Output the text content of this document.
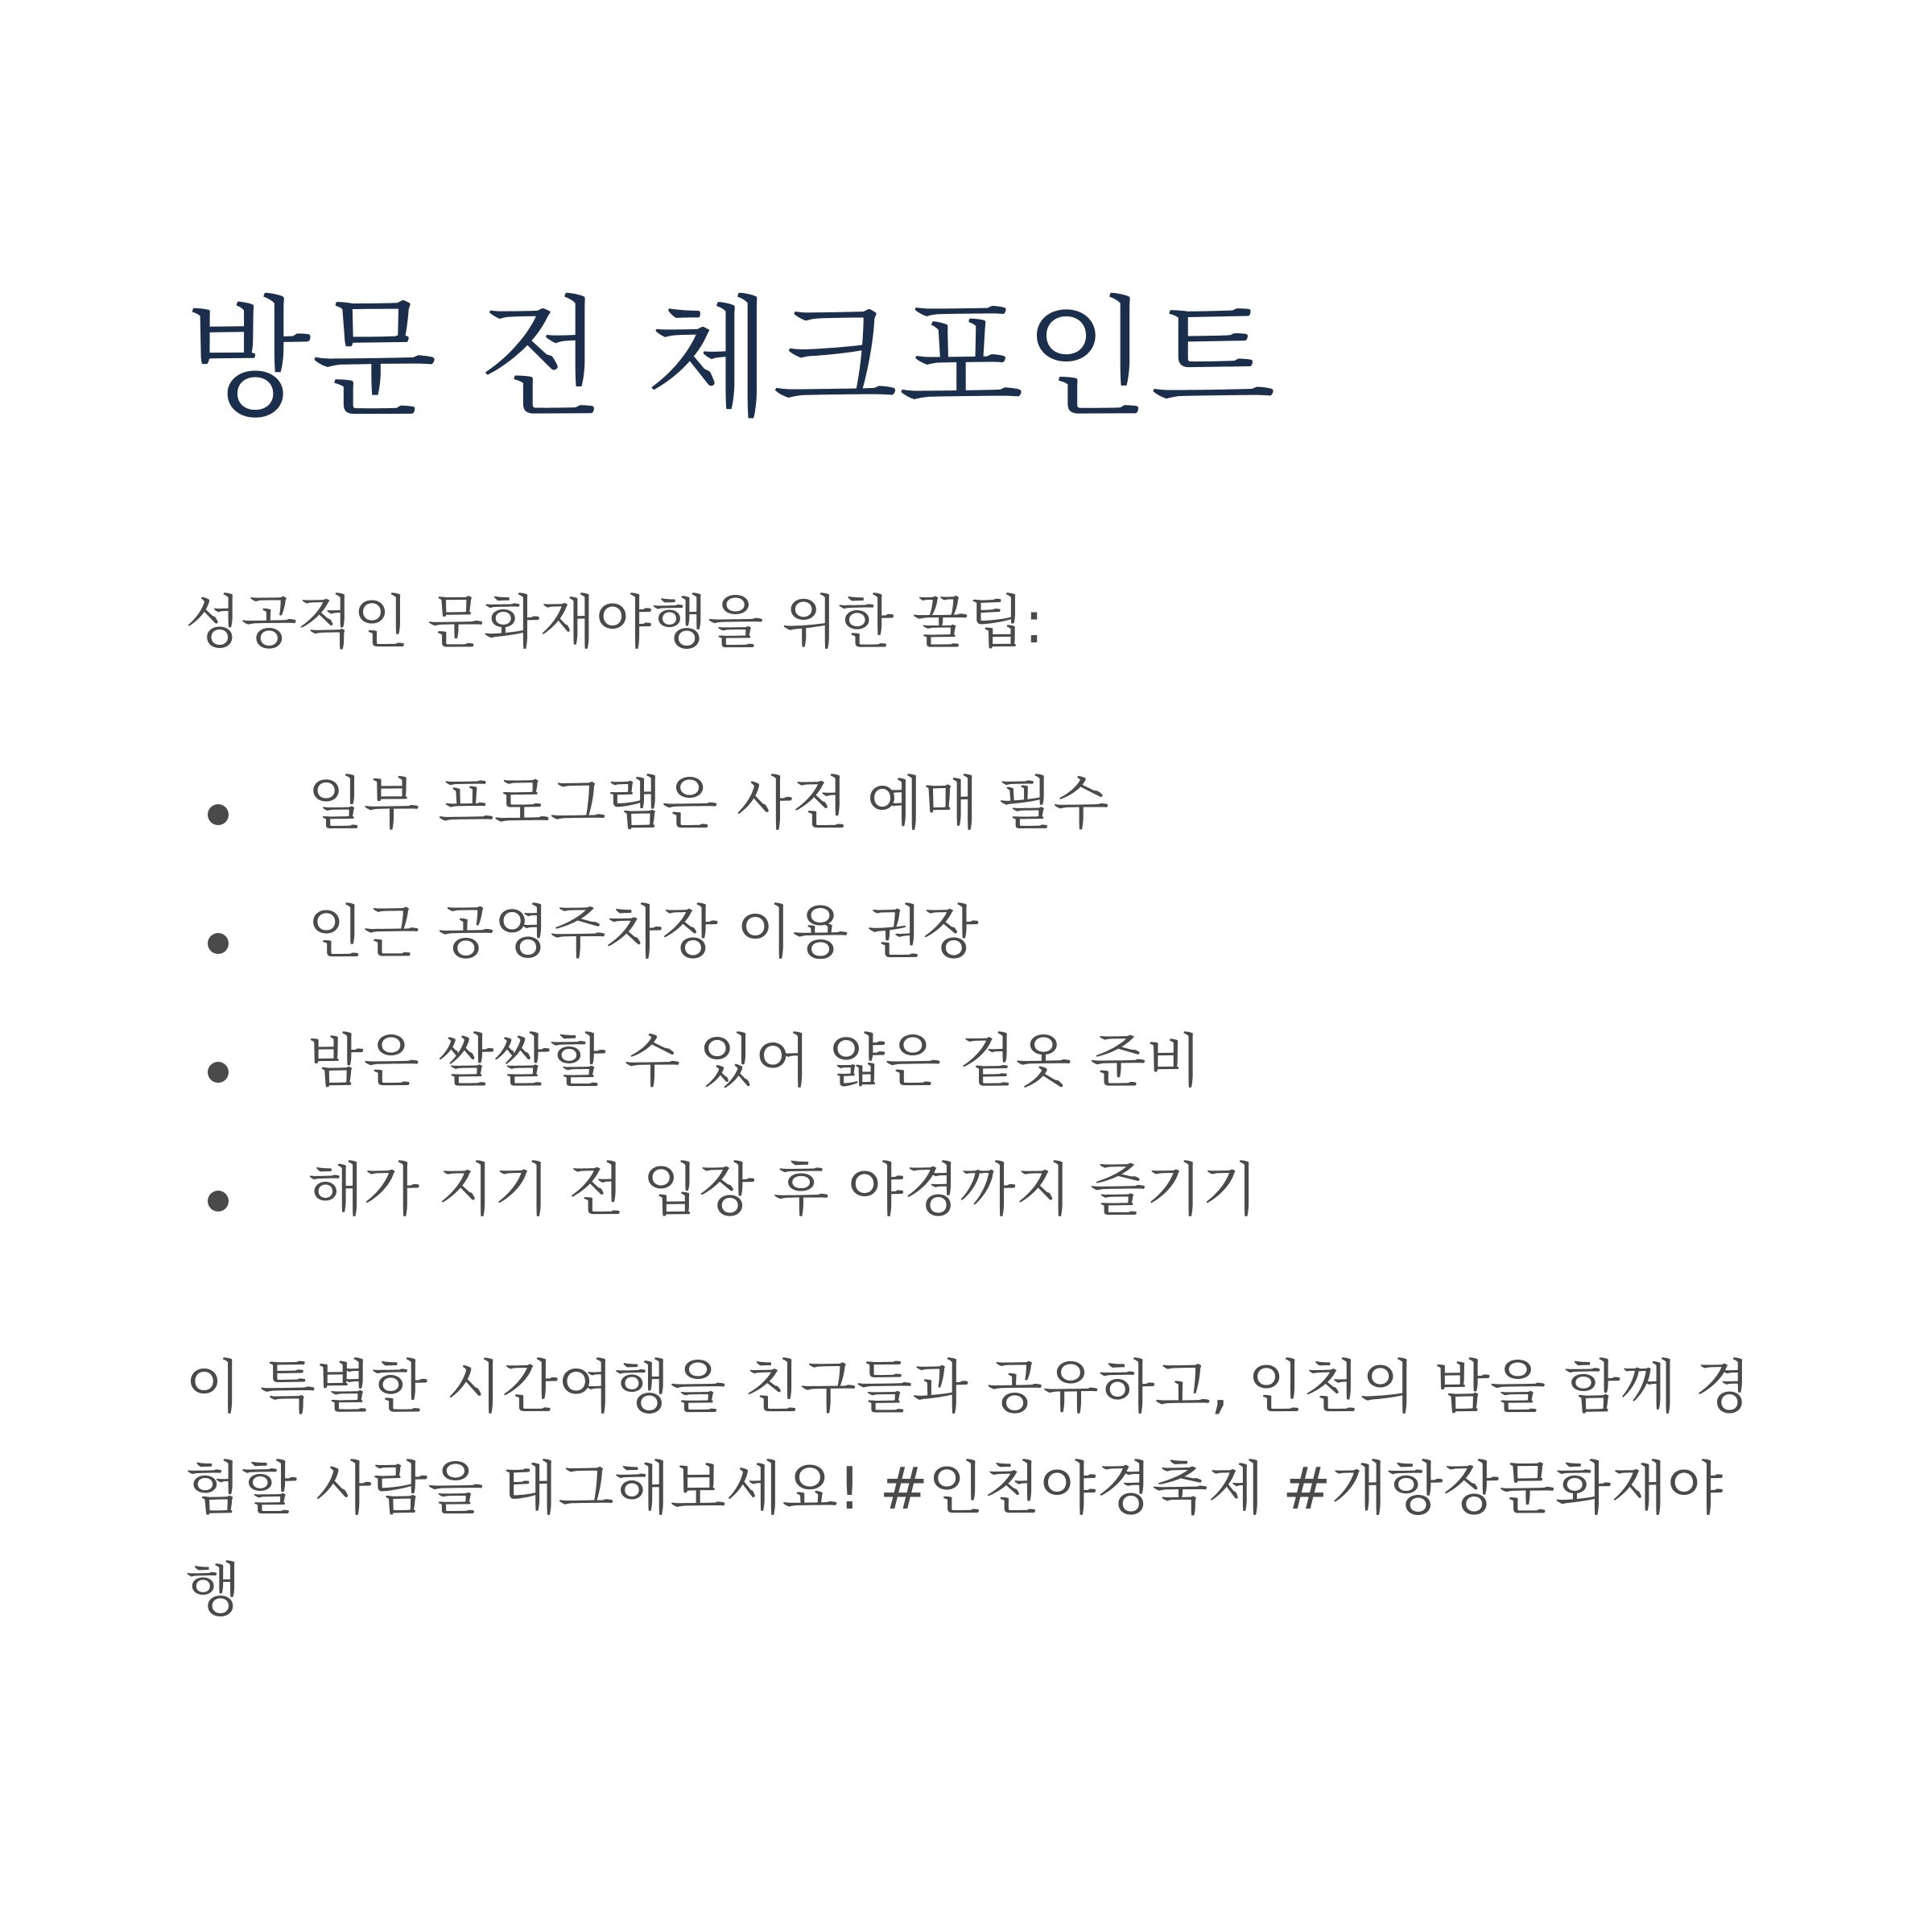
방문 전 체크포인트

성공적인 문화재야행을 위한 꿀팁:

일부 프로그램은 사전 예매 필수
인근 공영주차장 이용 권장
밤은 쌀쌀할 수 있어 얇은 겉옷 준비
해가 지기 전 입장 후 야경까지 즐기기

이 특별한 시간여행을 친구들과 공유하고, 인천의 밤을 함께 경험할 사람을 태그해보세요! #인천야경축제 #개항장문화재야행
